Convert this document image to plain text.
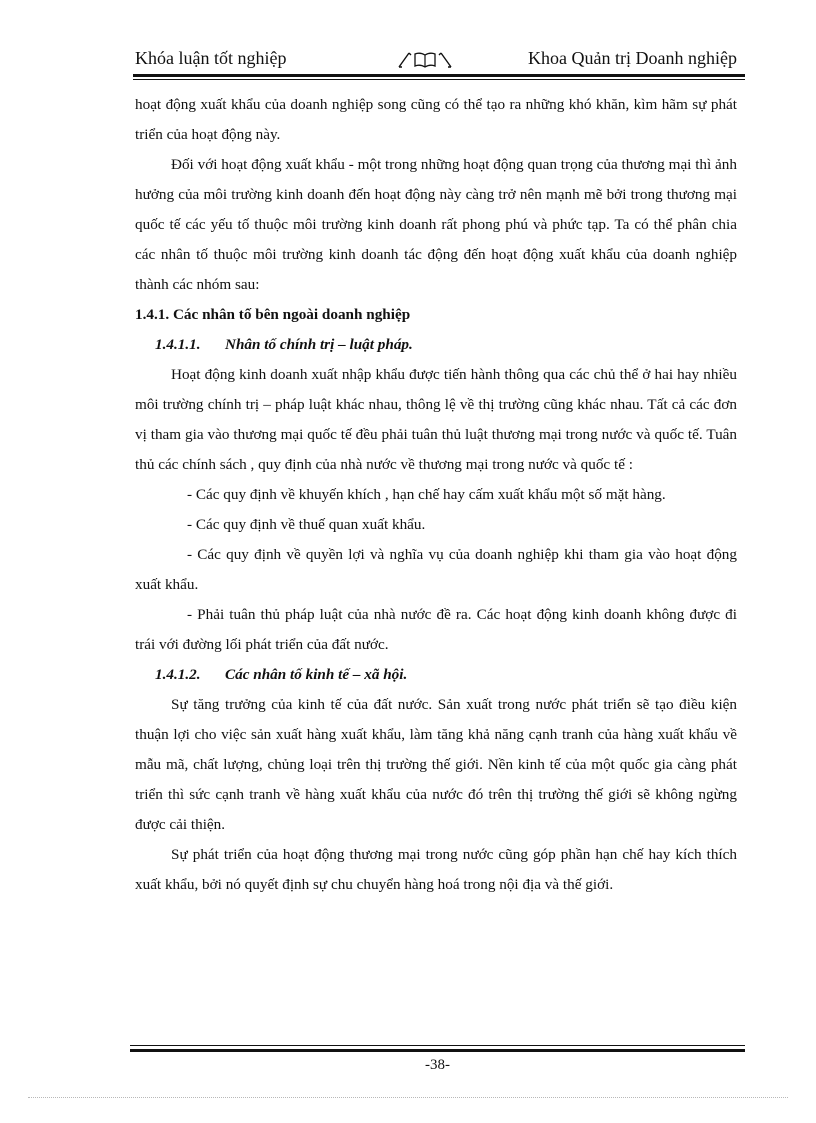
Khóa luận tốt nghiệp	Khoa Quản trị Doanh nghiệp

hoạt động xuất khẩu của doanh nghiệp song cũng có thể tạo ra những khó khăn, kìm hãm sự phát triển của hoạt động này.

Đối với hoạt động xuất khẩu - một trong những hoạt động quan trọng của thương mại thì ảnh hưởng của môi trường kinh doanh đến hoạt động này càng trở nên mạnh mẽ bởi trong thương mại quốc tế các yếu tố thuộc môi trường kinh doanh rất phong phú và phức tạp. Ta có thể phân chia các nhân tố thuộc môi trường kinh doanh tác động đến hoạt động xuất khẩu của doanh nghiệp thành các nhóm sau:

1.4.1. Các nhân tố bên ngoài doanh nghiệp

1.4.1.1. Nhân tố chính trị – luật pháp.

Hoạt động kinh doanh xuất nhập khẩu được tiến hành thông qua các chủ thể ở hai hay nhiều môi trường chính trị – pháp luật khác nhau, thông lệ về thị trường cũng khác nhau. Tất cả các đơn vị tham gia vào thương mại quốc tế đều phải tuân thủ luật thương mại trong nước và quốc tế. Tuân thủ các chính sách , quy định của nhà nước về thương mại trong nước và quốc tế :

- Các quy định về khuyến khích , hạn chế hay cấm xuất khẩu một số mặt hàng.

- Các quy định về thuế quan xuất khẩu.

- Các quy định về quyền lợi và nghĩa vụ của doanh nghiệp khi tham gia vào hoạt động xuất khẩu.

- Phải tuân thủ pháp luật của nhà nước đề ra. Các hoạt động kinh doanh không được đi trái với đường lối phát triển của đất nước.

1.4.1.2. Các nhân tố kinh tế – xã hội.

Sự tăng trưởng của kinh tế của đất nước. Sản xuất trong nước phát triển sẽ tạo điều kiện thuận lợi cho việc sản xuất hàng xuất khẩu, làm tăng khả năng cạnh tranh của hàng xuất khẩu về mẫu mã, chất lượng, chủng loại trên thị trường thế giới. Nền kinh tế của một quốc gia càng phát triển thì sức cạnh tranh về hàng xuất khẩu của nước đó trên thị trường thế giới sẽ không ngừng được cải thiện.

Sự phát triển của hoạt động thương mại trong nước cũng góp phần hạn chế hay kích thích xuất khẩu, bởi nó quyết định sự chu chuyển hàng hoá trong nội địa và thế giới.

-38-
